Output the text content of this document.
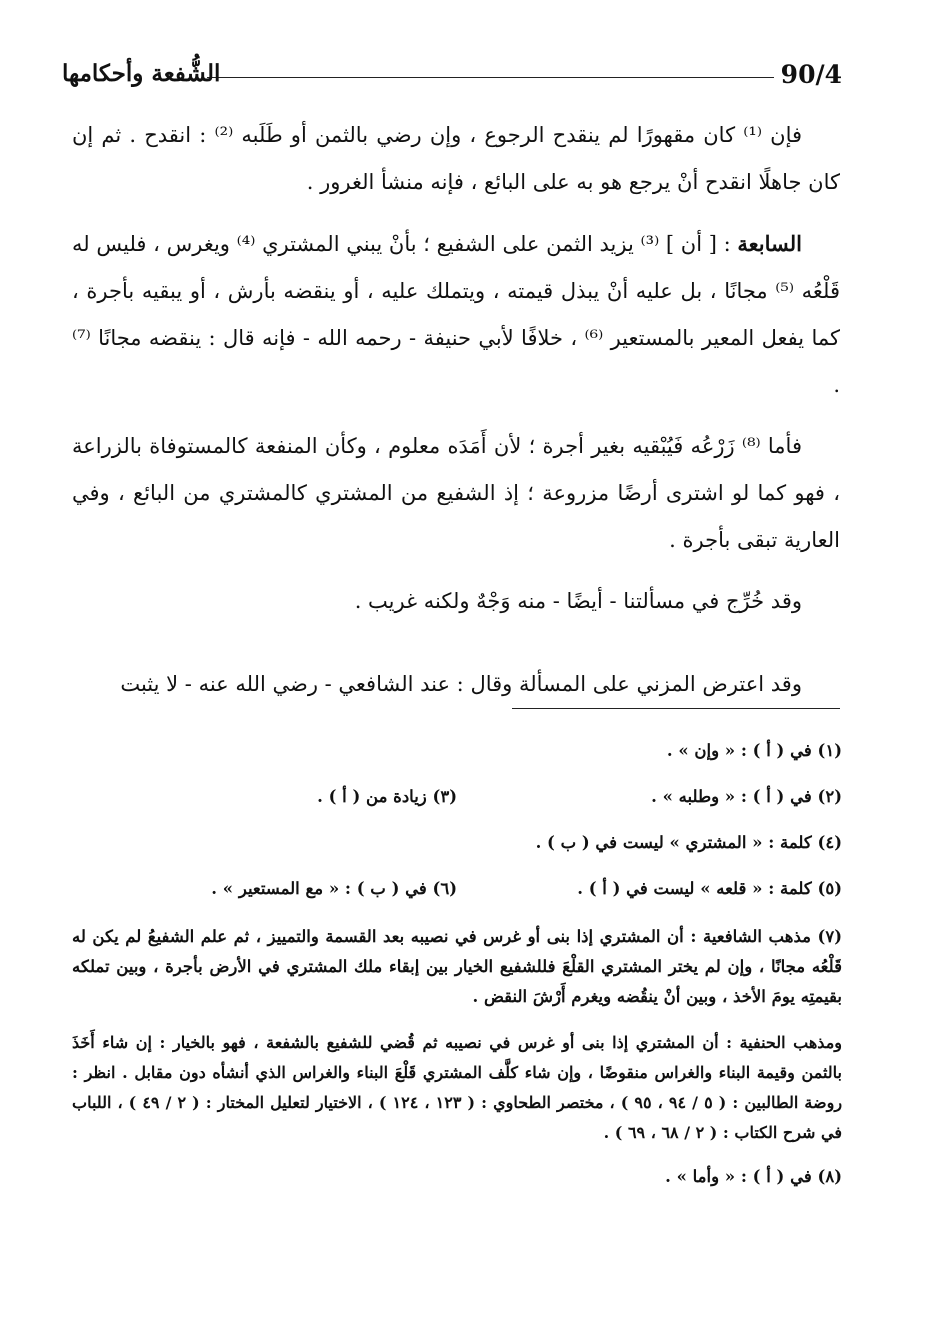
90/4
الشُّفعة وأحكامها

فإن ⁽¹⁾ كان مقهورًا لم ينقدح الرجوع ، وإن رضي بالثمن أو طَلَبه ⁽²⁾ : انقدح . ثم إن كان جاهلًا انقدح أنْ يرجع هو به على البائع ، فإنه منشأ الغرور .

السابعة : [ أن ] ⁽³⁾ يزيد الثمن على الشفيع ؛ بأنْ يبني المشتري ⁽⁴⁾ ويغرس ، فليس له قَلْعُه ⁽⁵⁾ مجانًا ، بل عليه أنْ يبذل قيمته ، ويتملك عليه ، أو ينقضه بأرش ، أو يبقيه بأجرة ، كما يفعل المعير بالمستعير ⁽⁶⁾ ، خلافًا لأبي حنيفة - رحمه الله - فإنه قال : ينقضه مجانًا ⁽⁷⁾ .

فأما ⁽⁸⁾ زَرْعُه فَيُبْقيه بغير أجرة ؛ لأن أَمَدَه معلوم ، وكأن المنفعة كالمستوفاة بالزراعة ، فهو كما لو اشترى أرضًا مزروعة ؛ إذ الشفيع من المشتري كالمشتري من البائع ، وفي العارية تبقى بأجرة .

وقد خُرِّج في مسألتنا - أيضًا - منه وَجْهٌ ولكنه غريب .

وقد اعترض المزني على المسألة وقال : عند الشافعي - رضي الله عنه - لا يثبت
(١) في ( أ ) : « وإن » .
(٢) في ( أ ) : « وطلبه » .
(٣) زيادة من ( أ ) .
(٤) كلمة : « المشتري » ليست في ( ب ) .
(٥) كلمة : « قلعه » ليست في ( أ ) .
(٦) في ( ب ) : « مع المستعير » .
(٧) مذهب الشافعية : أن المشتري إذا بنى أو غرس في نصيبه بعد القسمة والتمييز ، ثم علم الشفيعُ لم يكن له قَلْعُه مجانًا ، وإن لم يختر المشتري القلْعَ فللشفيع الخيار بين إبقاء ملك المشتري في الأرض بأجرة ، وبين تملكه بقيمتِه يومَ الأخذ ، وبين أنْ ينقُضه ويغرم أَرْشَ النقض .
ومذهب الحنفية : أن المشتري إذا بنى أو غرس في نصيبه ثم قُضي للشفيع بالشفعة ، فهو بالخيار : إن شاء أَخَذَ بالثمن وقيمة البناء والغراس منقوضًا ، وإن شاء كلَّف المشتري قَلْعَ البناء والغراس الذي أنشأه دون مقابل . انظر : روضة الطالبين : ( ٥ / ٩٤ ، ٩٥ ) ، مختصر الطحاوي : ( ١٢٣ ، ١٢٤ ) ، الاختيار لتعليل المختار : ( ٢ / ٤٩ ) ، اللباب في شرح الكتاب : ( ٢ / ٦٨ ، ٦٩ ) .
(٨) في ( أ ) : « وأما » .
